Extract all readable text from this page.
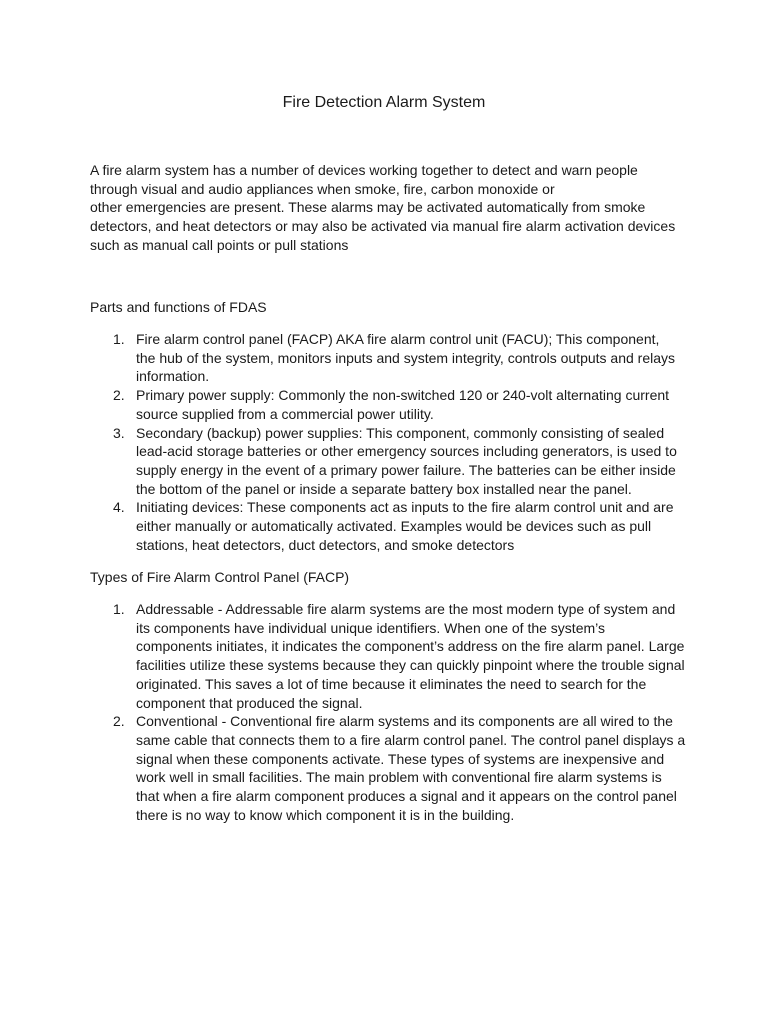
Fire Detection Alarm System

A fire alarm system has a number of devices working together to detect and warn people
through visual and audio appliances when smoke, fire, carbon monoxide or
other emergencies are present. These alarms may be activated automatically from smoke
detectors, and heat detectors or may also be activated via manual fire alarm activation devices
such as manual call points or pull stations

Parts and functions of FDAS
1. Fire alarm control panel (FACP) AKA fire alarm control unit (FACU); This component,
the hub of the system, monitors inputs and system integrity, controls outputs and relays
information.
2. Primary power supply: Commonly the non-switched 120 or 240-volt alternating current
source supplied from a commercial power utility.
3. Secondary (backup) power supplies: This component, commonly consisting of sealed
lead-acid storage batteries or other emergency sources including generators, is used to
supply energy in the event of a primary power failure. The batteries can be either inside
the bottom of the panel or inside a separate battery box installed near the panel.
4. Initiating devices: These components act as inputs to the fire alarm control unit and are
either manually or automatically activated. Examples would be devices such as pull
stations, heat detectors, duct detectors, and smoke detectors
Types of Fire Alarm Control Panel (FACP)
1. Addressable - Addressable fire alarm systems are the most modern type of system and
its components have individual unique identifiers. When one of the system’s
components initiates, it indicates the component’s address on the fire alarm panel. Large
facilities utilize these systems because they can quickly pinpoint where the trouble signal
originated. This saves a lot of time because it eliminates the need to search for the
component that produced the signal.
2. Conventional - Conventional fire alarm systems and its components are all wired to the
same cable that connects them to a fire alarm control panel. The control panel displays a
signal when these components activate. These types of systems are inexpensive and
work well in small facilities. The main problem with conventional fire alarm systems is
that when a fire alarm component produces a signal and it appears on the control panel
there is no way to know which component it is in the building.
